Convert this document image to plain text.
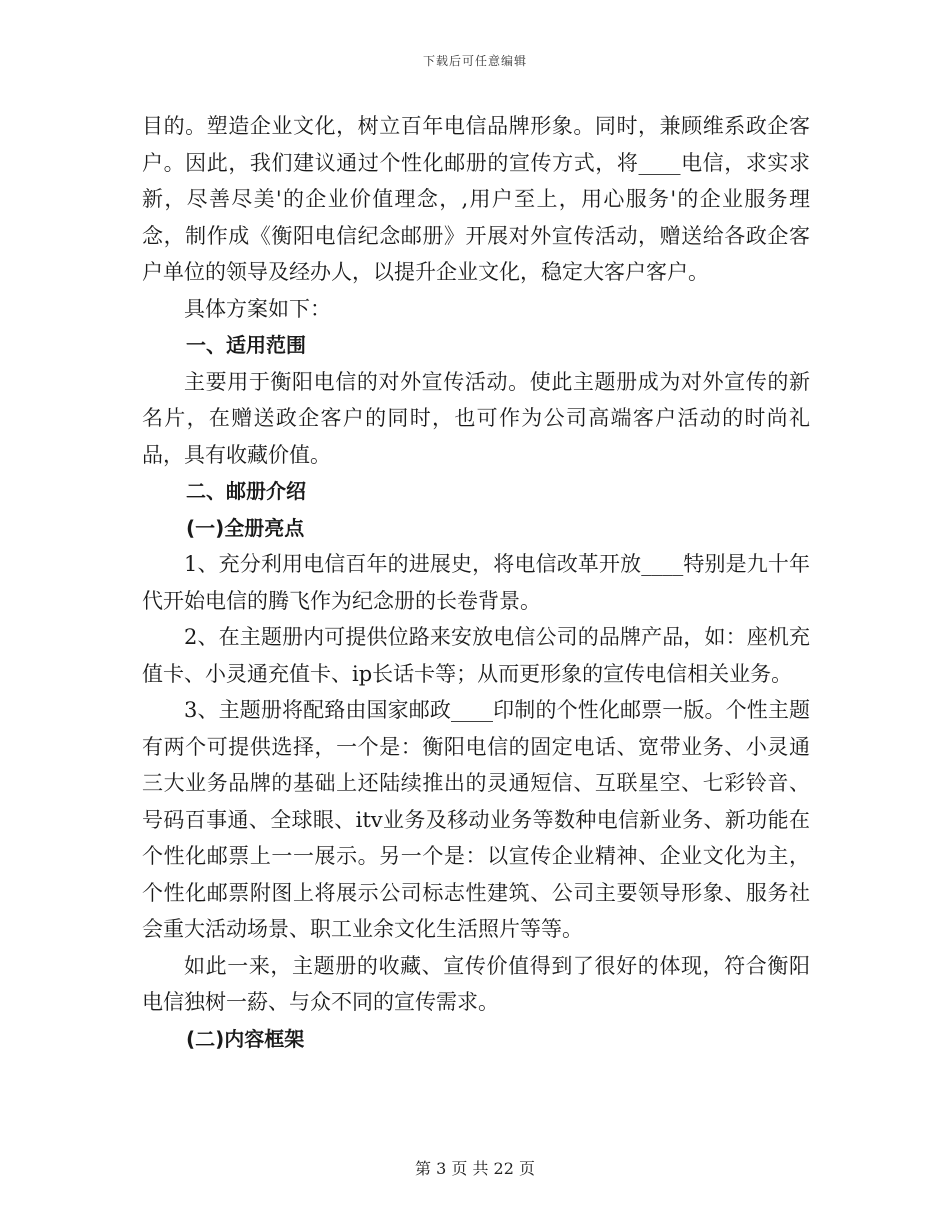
下载后可任意编辑

目的。塑造企业文化，树立百年电信品牌形象。同时，兼顾维系政企客户。因此，我们建议通过个性化邮册的宣传方式，将____电信，求实求新，尽善尽美'的企业价值理念，,用户至上，用心服务'的企业服务理念，制作成《衡阳电信纪念邮册》开展对外宣传活动，赠送给各政企客户单位的领导及经办人，以提升企业文化，稳定大客户客户。

具体方案如下：

一、适用范围

主要用于衡阳电信的对外宣传活动。使此主题册成为对外宣传的新名片，在赠送政企客户的同时，也可作为公司高端客户活动的时尚礼品，具有收藏价值。

二、邮册介绍

(一)全册亮点

1、充分利用电信百年的进展史，将电信改革开放____特别是九十年代开始电信的腾飞作为纪念册的长卷背景。

2、在主题册内可提供位路来安放电信公司的品牌产品，如：座机充值卡、小灵通充值卡、ip长话卡等；从而更形象的宣传电信相关业务。

3、主题册将配臵由国家邮政____印制的个性化邮票一版。个性主题有两个可提供选择，一个是：衡阳电信的固定电话、宽带业务、小灵通三大业务品牌的基础上还陆续推出的灵通短信、互联星空、七彩铃音、号码百事通、全球眼、itv业务及移动业务等数种电信新业务、新功能在个性化邮票上一一展示。另一个是：以宣传企业精神、企业文化为主，个性化邮票附图上将展示公司标志性建筑、公司主要领导形象、服务社会重大活动场景、职工业余文化生活照片等等。

如此一来，主题册的收藏、宣传价值得到了很好的体现，符合衡阳电信独树一蒶、与众不同的宣传需求。

(二)内容框架

第 3 页 共 22 页
